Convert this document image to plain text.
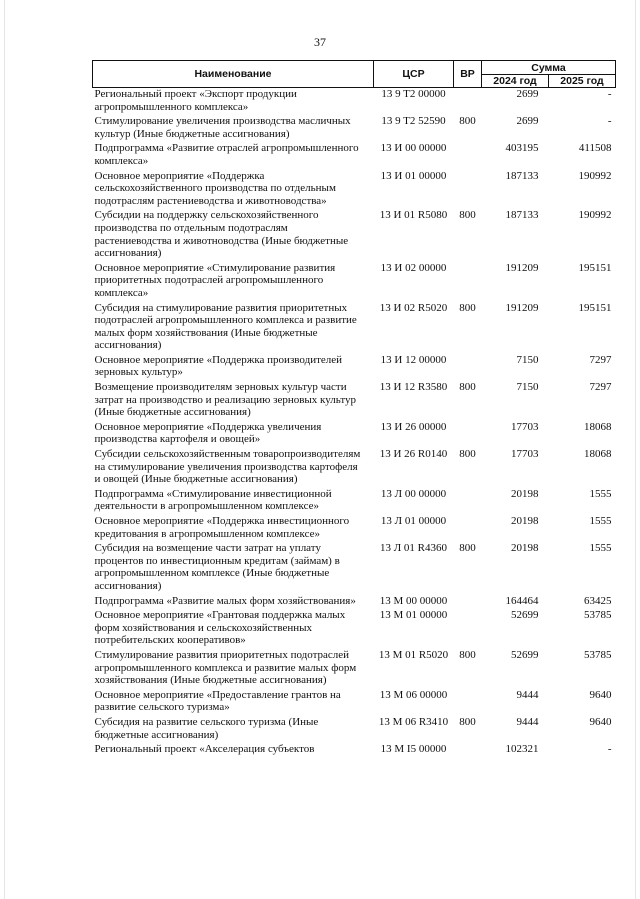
37
Наименование	ЦСР	ВР	Сумма	
			2024 год	2025 год
Региональный проект «Экспорт продукции агропромышленного комплекса»	13 9 T2 00000		2699	-
Стимулирование увеличения производства масличных культур (Иные бюджетные ассигнования)	13 9 T2 52590	800	2699	-
Подпрограмма «Развитие отраслей агропромышленного комплекса»	13 И 00 00000		403195	411508
Основное мероприятие «Поддержка сельскохозяйственного производства по отдельным подотраслям растениеводства и животноводства»	13 И 01 00000		187133	190992
Субсидии на поддержку сельскохозяйственного производства по отдельным подотраслям растениеводства и животноводства (Иные бюджетные ассигнования)	13 И 01 R5080	800	187133	190992
Основное мероприятие «Стимулирование развития приоритетных подотраслей агропромышленного комплекса»	13 И 02 00000		191209	195151
Субсидия на стимулирование развития приоритетных подотраслей агропромышленного комплекса и развитие малых форм хозяйствования (Иные бюджетные ассигнования)	13 И 02 R5020	800	191209	195151
Основное мероприятие «Поддержка производителей зерновых культур»	13 И 12 00000		7150	7297
Возмещение производителям зерновых культур части затрат на производство и реализацию зерновых культур (Иные бюджетные ассигнования)	13 И 12 R3580	800	7150	7297
Основное мероприятие «Поддержка увеличения производства картофеля и овощей»	13 И 26 00000		17703	18068
Субсидии сельскохозяйственным товаропроизводителям на стимулирование увеличения производства картофеля и овощей (Иные бюджетные ассигнования)	13 И 26 R0140	800	17703	18068
Подпрограмма «Стимулирование инвестиционной деятельности в агропромышленном комплексе»	13 Л 00 00000		20198	1555
Основное мероприятие «Поддержка инвестиционного кредитования в агропромышленном комплексе»	13 Л 01 00000		20198	1555
Субсидия на возмещение части затрат на уплату процентов по инвестиционным кредитам (займам) в агропромышленном комплексе (Иные бюджетные ассигнования)	13 Л 01 R4360	800	20198	1555
Подпрограмма «Развитие малых форм хозяйствования»	13 М 00 00000		164464	63425
Основное мероприятие «Грантовая поддержка малых форм хозяйствования и сельскохозяйственных потребительских кооперативов»	13 М 01 00000		52699	53785
Стимулирование развития приоритетных подотраслей агропромышленного комплекса и развитие малых форм хозяйствования (Иные бюджетные ассигнования)	13 М 01 R5020	800	52699	53785
Основное мероприятие «Предоставление грантов на развитие сельского туризма»	13 М 06 00000		9444	9640
Субсидия на развитие сельского туризма (Иные бюджетные ассигнования)	13 М 06 R3410	800	9444	9640
Региональный проект «Акселерация субъектов	13 М I5 00000		102321	-
